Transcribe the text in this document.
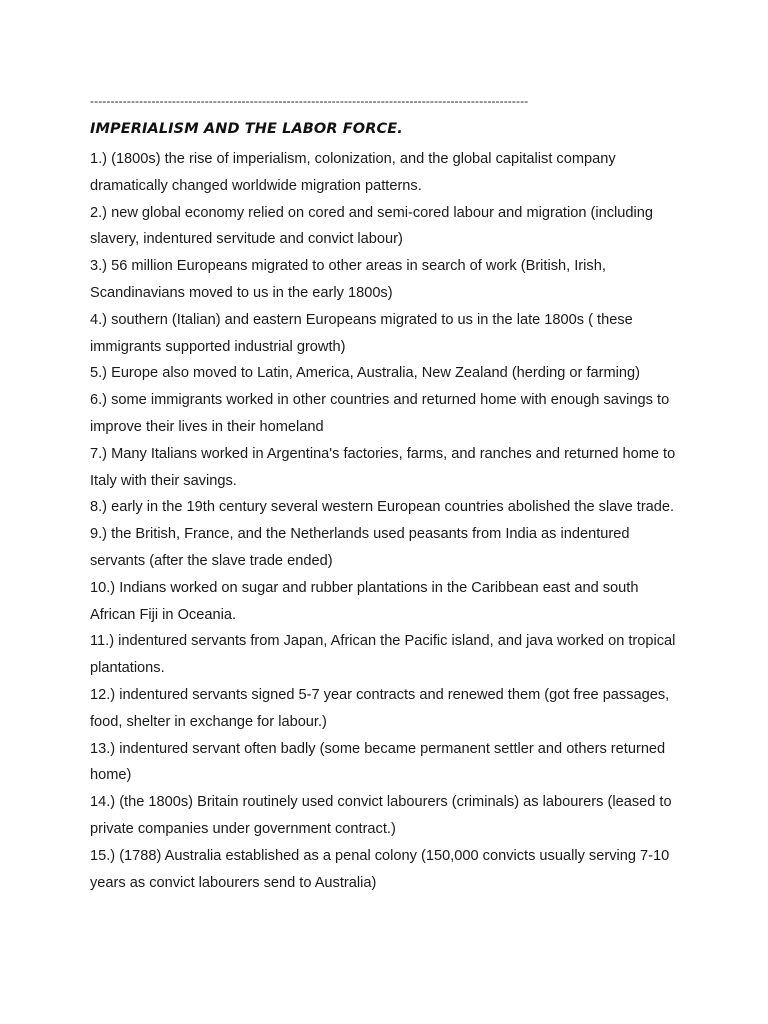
-----------------------------------------------------------------------------------------------------------
IMPERIALISM AND THE LABOR FORCE.
1.) (1800s) the rise of imperialism, colonization, and the global capitalist company dramatically changed worldwide migration patterns.
2.) new global economy relied on cored and semi-cored labour and migration (including slavery, indentured servitude and convict labour)
3.) 56 million Europeans migrated to other areas in search of work (British, Irish, Scandinavians moved to us in the early 1800s)
4.) southern (Italian) and eastern Europeans migrated to us in the late 1800s ( these immigrants supported industrial growth)
5.) Europe also moved to Latin, America, Australia, New Zealand (herding or farming)
6.) some immigrants worked in other countries and returned home with enough savings to improve their lives in their homeland
7.) Many Italians worked in Argentina's factories, farms, and ranches and returned home to Italy with their savings.
8.) early in the 19th century several western European countries abolished the slave trade.
9.) the British, France, and the Netherlands used peasants from India as indentured servants (after the slave trade ended)
10.) Indians worked on sugar and rubber plantations in the Caribbean east and south African Fiji in Oceania.
11.) indentured servants from Japan, African the Pacific island, and java worked on tropical plantations.
12.) indentured servants signed 5-7 year contracts and renewed them (got free passages, food, shelter in exchange for labour.)
13.) indentured servant often badly (some became permanent settler and others returned home)
14.) (the 1800s) Britain routinely used convict labourers (criminals) as labourers (leased to private companies under government contract.)
15.) (1788) Australia established as a penal colony (150,000 convicts usually serving 7-10 years as convict labourers send to Australia)
